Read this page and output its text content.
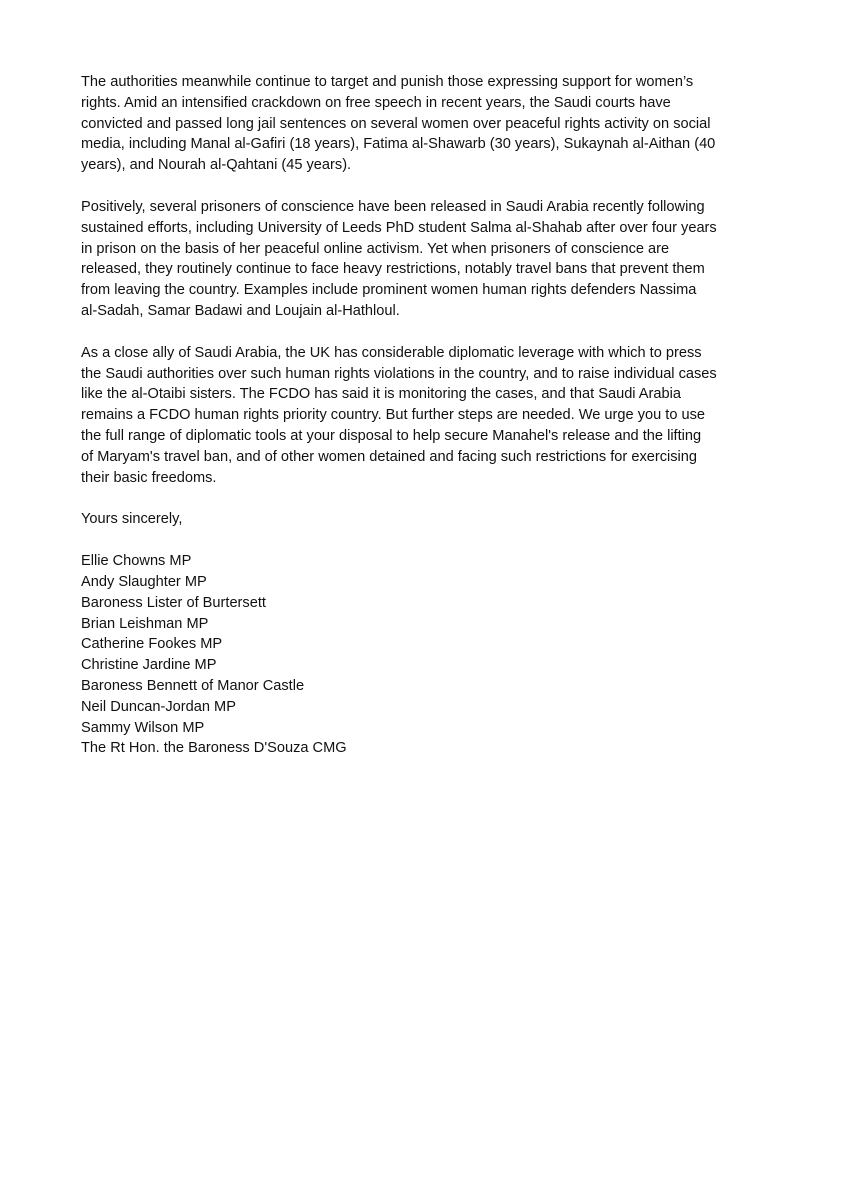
The authorities meanwhile continue to target and punish those expressing support for women’s
rights. Amid an intensified crackdown on free speech in recent years, the Saudi courts have
convicted and passed long jail sentences on several women over peaceful rights activity on social
media, including Manal al-Gafiri (18 years), Fatima al-Shawarb (30 years), Sukaynah al-Aithan (40
years), and Nourah al-Qahtani (45 years).

Positively, several prisoners of conscience have been released in Saudi Arabia recently following
sustained efforts, including University of Leeds PhD student Salma al-Shahab after over four years
in prison on the basis of her peaceful online activism. Yet when prisoners of conscience are
released, they routinely continue to face heavy restrictions, notably travel bans that prevent them
from leaving the country. Examples include prominent women human rights defenders Nassima
al-Sadah, Samar Badawi and Loujain al-Hathloul.

As a close ally of Saudi Arabia, the UK has considerable diplomatic leverage with which to press
the Saudi authorities over such human rights violations in the country, and to raise individual cases
like the al-Otaibi sisters. The FCDO has said it is monitoring the cases, and that Saudi Arabia
remains a FCDO human rights priority country. But further steps are needed. We urge you to use
the full range of diplomatic tools at your disposal to help secure Manahel's release and the lifting
of Maryam's travel ban, and of other women detained and facing such restrictions for exercising
their basic freedoms.

Yours sincerely,

Ellie Chowns MP
Andy Slaughter MP
Baroness Lister of Burtersett
Brian Leishman MP
Catherine Fookes MP
Christine Jardine MP
Baroness Bennett of Manor Castle
Neil Duncan-Jordan MP
Sammy Wilson MP
The Rt Hon. the Baroness D'Souza CMG
